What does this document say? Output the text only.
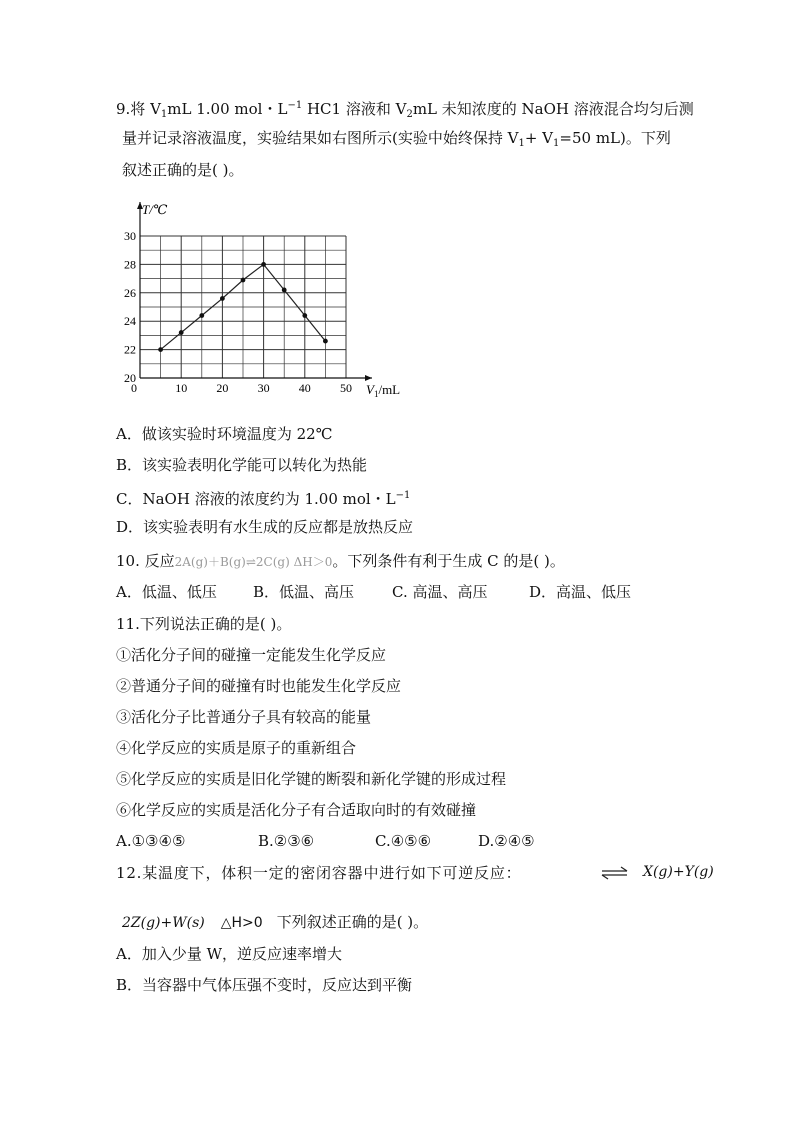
9.将 $V_1mL$ 1.00 mol・$L^{-1}$ HC1 溶液和 $V_2mL$ 未知浓度的 NaOH 溶液混合均匀后测
量并记录溶液温度，实验结果如右图所示(实验中始终保持 $V_1+ V_1=50$ mL)。下列
叙述正确的是( )。
0	10 20 30 40 50
20
22
24
26
28
30
T/℃
$V_1/mL$
A．做该实验时环境温度为 22℃
B．该实验表明化学能可以转化为热能
C．NaOH 溶液的浓度约为 1.00 mol・$L^{-1}$
D．该实验表明有水生成的反应都是放热反应
10. 反应2A(g)＋B(g)⇌2C(g) ΔH＞0。下列条件有利于生成 C 的是( )。
A．低温、低压 B．低温、高压	C. 高温、高压	D．高温、低压
11.下列说法正确的是( )。
①活化分子间的碰撞一定能发生化学反应
②普通分子间的碰撞有时也能发生化学反应
③活化分子比普通分子具有较高的能量
④化学反应的实质是原子的重新组合
⑤化学反应的实质是旧化学键的断裂和新化学键的形成过程
⑥化学反应的实质是活化分子有合适取向时的有效碰撞
A.①③④⑤	B.②③⑥	C.④⑤⑥	D.②④⑤
12.某温度下，体积一定的密闭容器中进行如下可逆反应：	⇌ X(g)+Y(g)
2Z(g)+W(s) △H>0 下列叙述正确的是( )。
A．加入少量 W，逆反应速率增大
B．当容器中气体压强不变时，反应达到平衡
